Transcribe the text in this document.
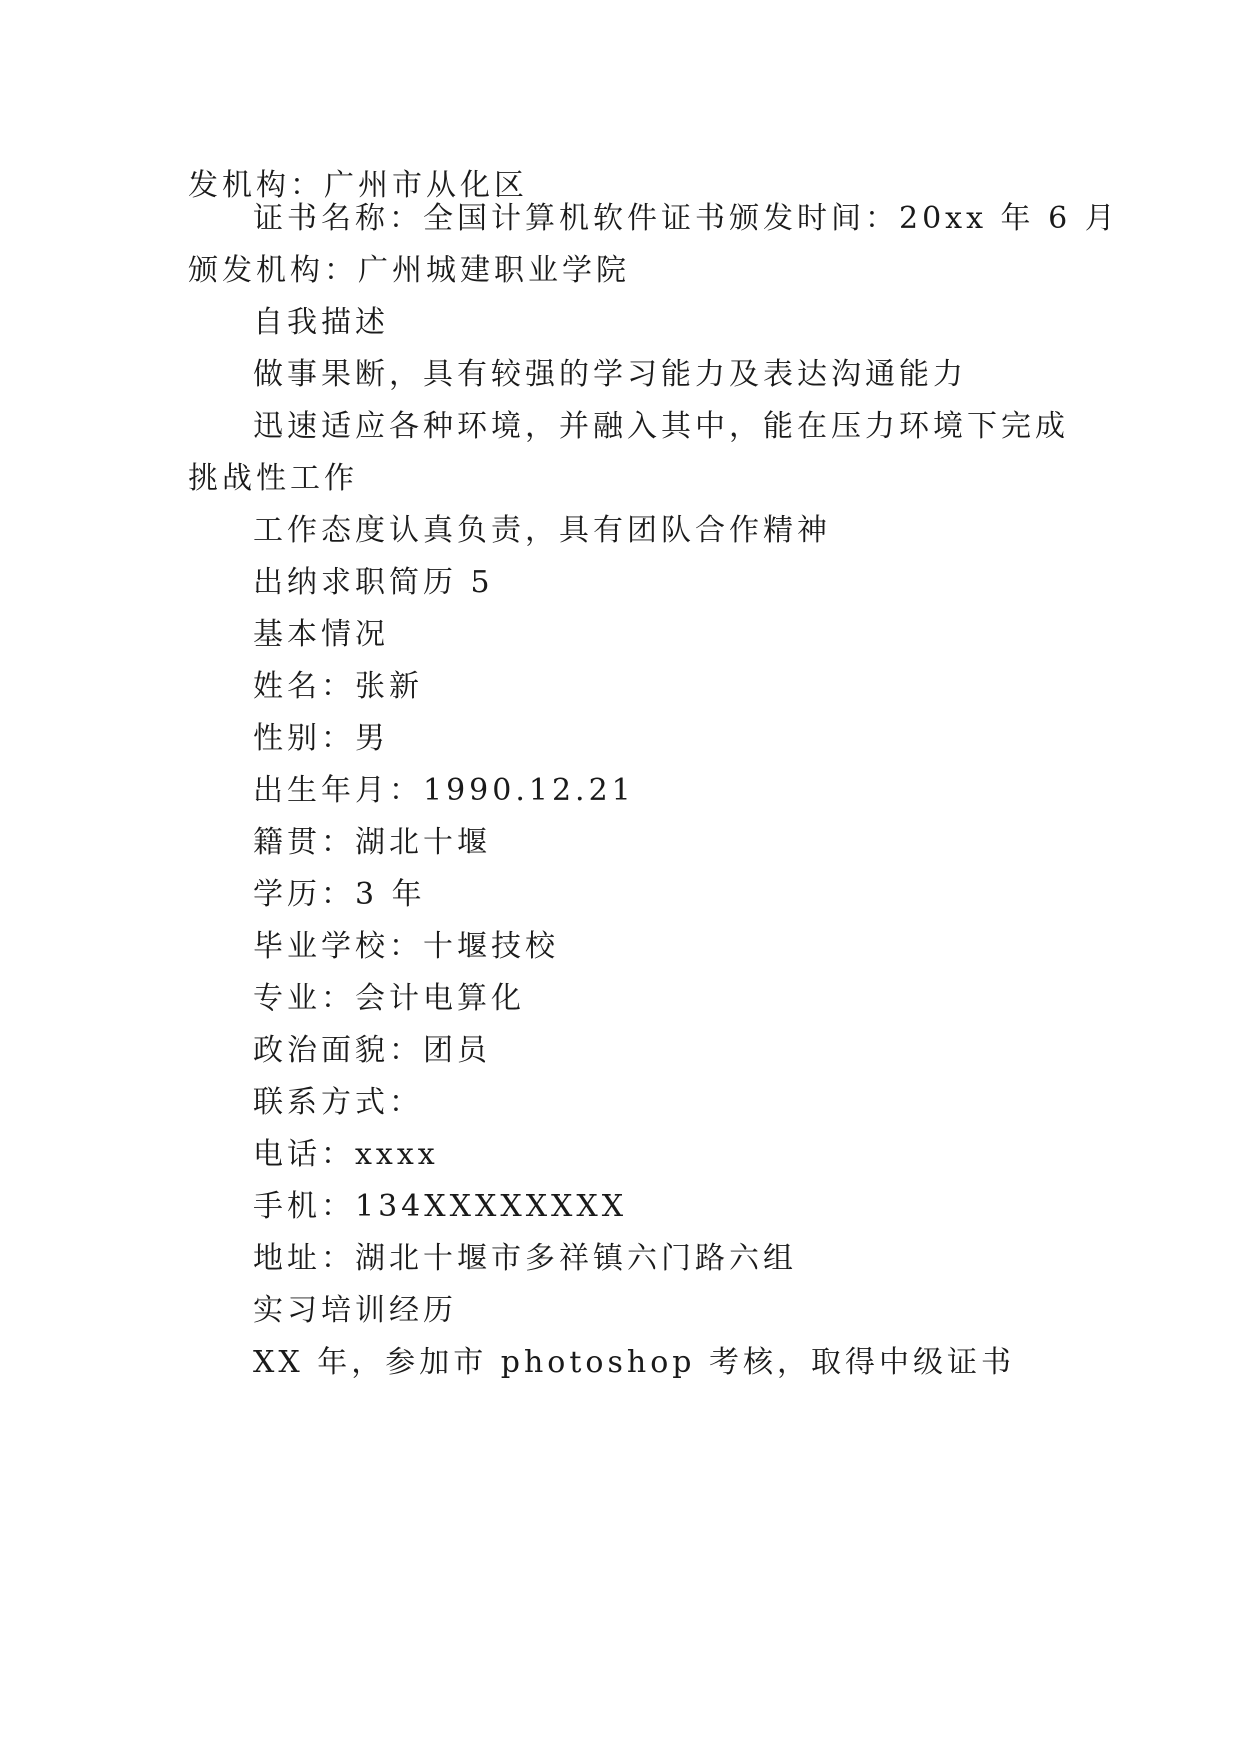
发机构：广州市从化区
证书名称：全国计算机软件证书颁发时间：20xx 年 6 月
颁发机构：广州城建职业学院
自我描述
做事果断，具有较强的学习能力及表达沟通能力
迅速适应各种环境，并融入其中，能在压力环境下完成
挑战性工作
工作态度认真负责，具有团队合作精神
出纳求职简历 5
基本情况
姓名：张新
性别：男
出生年月：1990.12.21
籍贯：湖北十堰
学历：3 年
毕业学校：十堰技校
专业：会计电算化
政治面貌：团员
联系方式：
电话：xxxx
手机：134XXXXXXXX
地址：湖北十堰市多祥镇六门路六组
实习培训经历
XX 年，参加市 photoshop 考核，取得中级证书
